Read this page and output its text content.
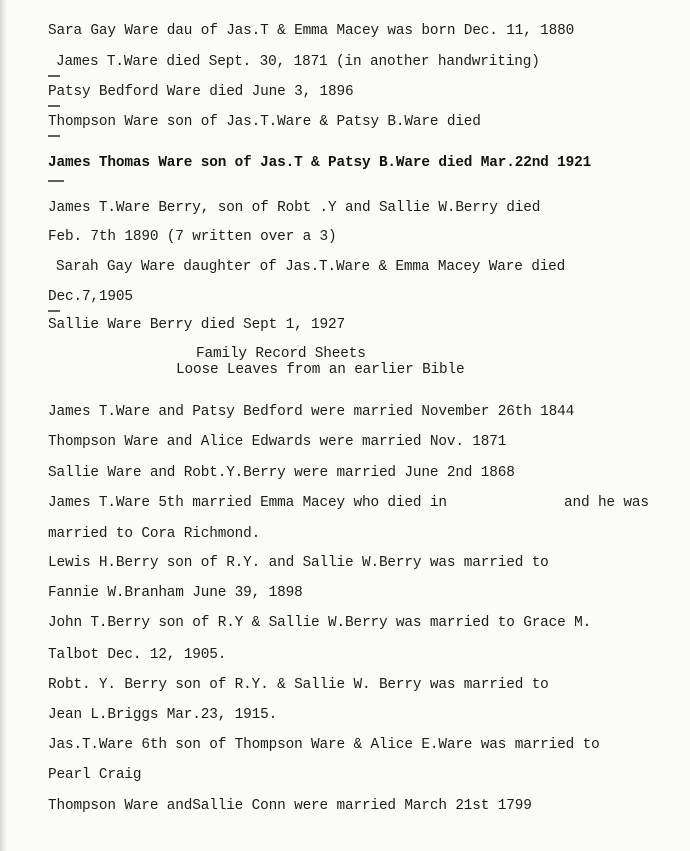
Sara Gay Ware dau of Jas.T & Emma Macey was born Dec. 11, 1880

James T.Ware died Sept. 30, 1871 (in another handwriting)

Patsy Bedford Ware died June 3, 1896

Thompson Ware son of Jas.T.Ware & Patsy B.Ware died

James Thomas Ware son of Jas.T & Patsy B.Ware died Mar.22nd 1921

James T.Ware Berry, son of Robt .Y and Sallie W.Berry died

Feb. 7th 1890 (7 written over a 3)

Sarah Gay Ware daughter of Jas.T.Ware & Emma Macey Ware died

Dec.7,1905

Sallie Ware Berry died Sept 1, 1927

Family Record Sheets

Loose Leaves from an earlier Bible

James T.Ware and Patsy Bedford were married November 26th 1844

Thompson Ware and Alice Edwards were married Nov. 1871

Sallie Ware and Robt.Y.Berry were married June 2nd 1868

James T.Ware 5th married Emma Macey who died in	and he was

married to Cora Richmond.

Lewis H.Berry son of R.Y. and Sallie W.Berry was married to

Fannie W.Branham June 39, 1898

John T.Berry son of R.Y & Sallie W.Berry was married to Grace M.

Talbot Dec. 12, 1905.

Robt. Y. Berry son of R.Y. & Sallie W. Berry was married to

Jean L.Briggs Mar.23, 1915.

Jas.T.Ware 6th son of Thompson Ware & Alice E.Ware was married to

Pearl Craig

Thompson Ware andSallie Conn were married March 21st 1799
